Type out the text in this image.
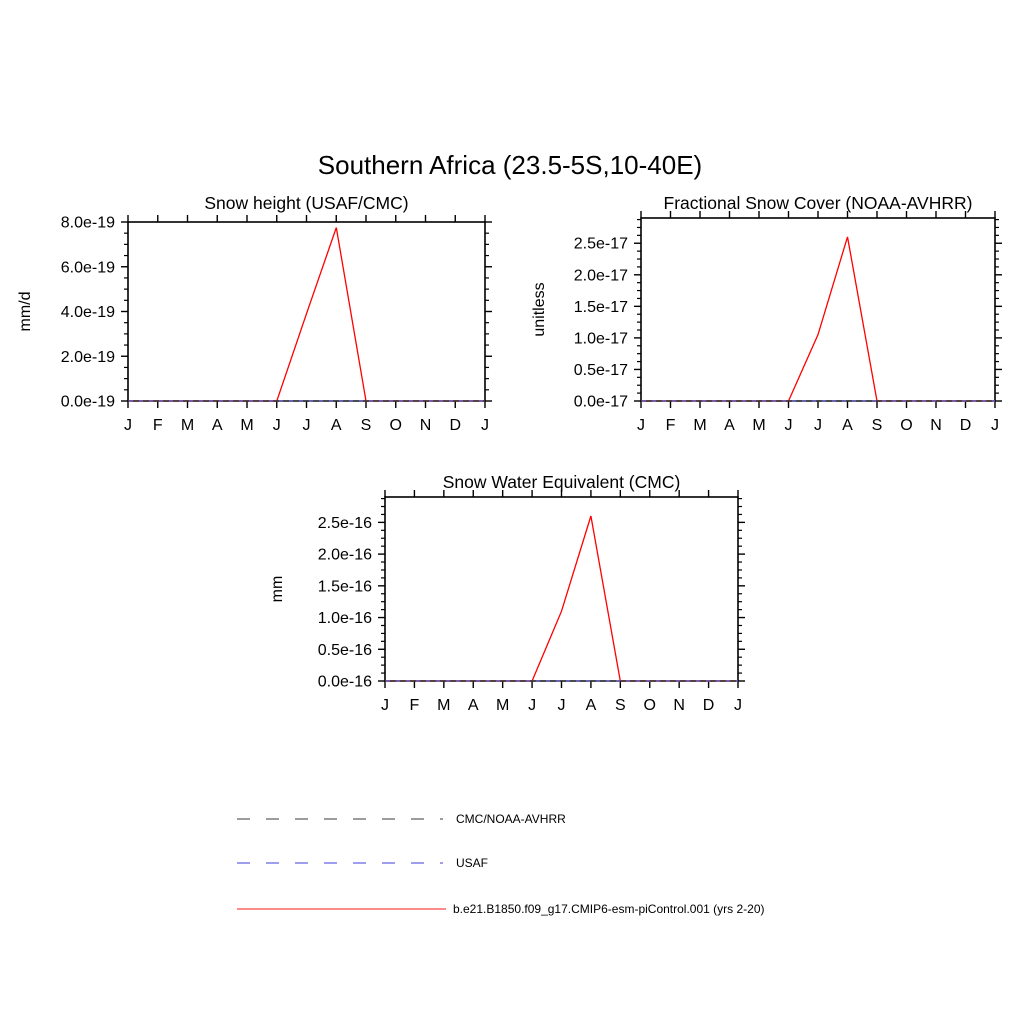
Southern Africa (23.5-5S,10-40E)
0.0e-19
2.0e-19
4.0e-19
6.0e-19
8.0e-19
J F M A M J J A S O N D J
Snow height (USAF/CMC)
mm/d
0.0e-17
0.5e-17
1.0e-17
1.5e-17
2.0e-17
2.5e-17
J F M A M J J A S O N D J
Fractional Snow Cover (NOAA-AVHRR)
unitless
0.0e-16
0.5e-16
1.0e-16
1.5e-16
2.0e-16
2.5e-16
J F M A M J J A S O N D J
Snow Water Equivalent (CMC)
mm
CMC/NOAA-AVHRR
USAF
b.e21.B1850.f09_g17.CMIP6-esm-piControl.001 (yrs 2-20)
